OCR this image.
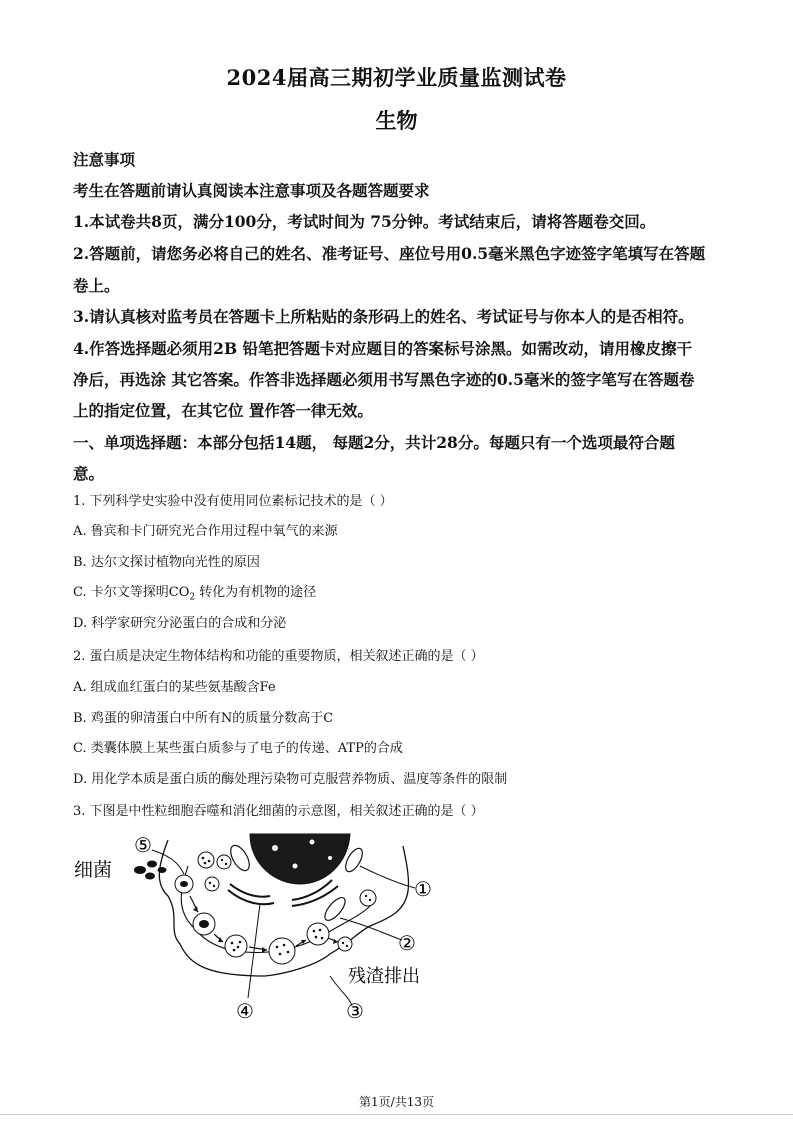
2024届高三期初学业质量监测试卷
生物
注意事项
考生在答题前请认真阅读本注意事项及各题答题要求
1.本试卷共8页，满分100分，考试时间为 75分钟。考试结束后，请将答题卷交回。
2.答题前，请您务必将自己的姓名、准考证号、座位号用0.5毫米黑色字迹签字笔填写在答题
卷上。
3.请认真核对监考员在答题卡上所粘贴的条形码上的姓名、考试证号与你本人的是否相符。
4.作答选择题必须用2B 铅笔把答题卡对应题目的答案标号涂黑。如需改动，请用橡皮擦干
净后，再选涂 其它答案。作答非选择题必须用书写黑色字迹的0.5毫米的签字笔写在答题卷
上的指定位置，在其它位 置作答一律无效。
一、单项选择题：本部分包括14题， 每题2分，共计28分。每题只有一个选项最符合题
意。
1. 下列科学史实验中没有使用同位素标记技术的是（ ）
A. 鲁宾和卡门研究光合作用过程中氧气的来源
B. 达尔文探讨植物向光性的原因
C. 卡尔文等探明$CO_2$ 转化为有机物的途径
D. 科学家研究分泌蛋白的合成和分泌
2. 蛋白质是决定生物体结构和功能的重要物质，相关叙述正确的是（ ）
A. 组成血红蛋白的某些氨基酸含Fe
B. 鸡蛋的卵清蛋白中所有N的质量分数高于C
C. 类囊体膜上某些蛋白质参与了电子的传递、ATP的合成
D. 用化学本质是蛋白质的酶处理污染物可克服营养物质、温度等条件的限制
3. 下图是中性粒细胞吞噬和消化细菌的示意图，相关叙述正确的是（ ）
细菌
残渣排出
⑤
①
②
③
④
第1页/共13页
